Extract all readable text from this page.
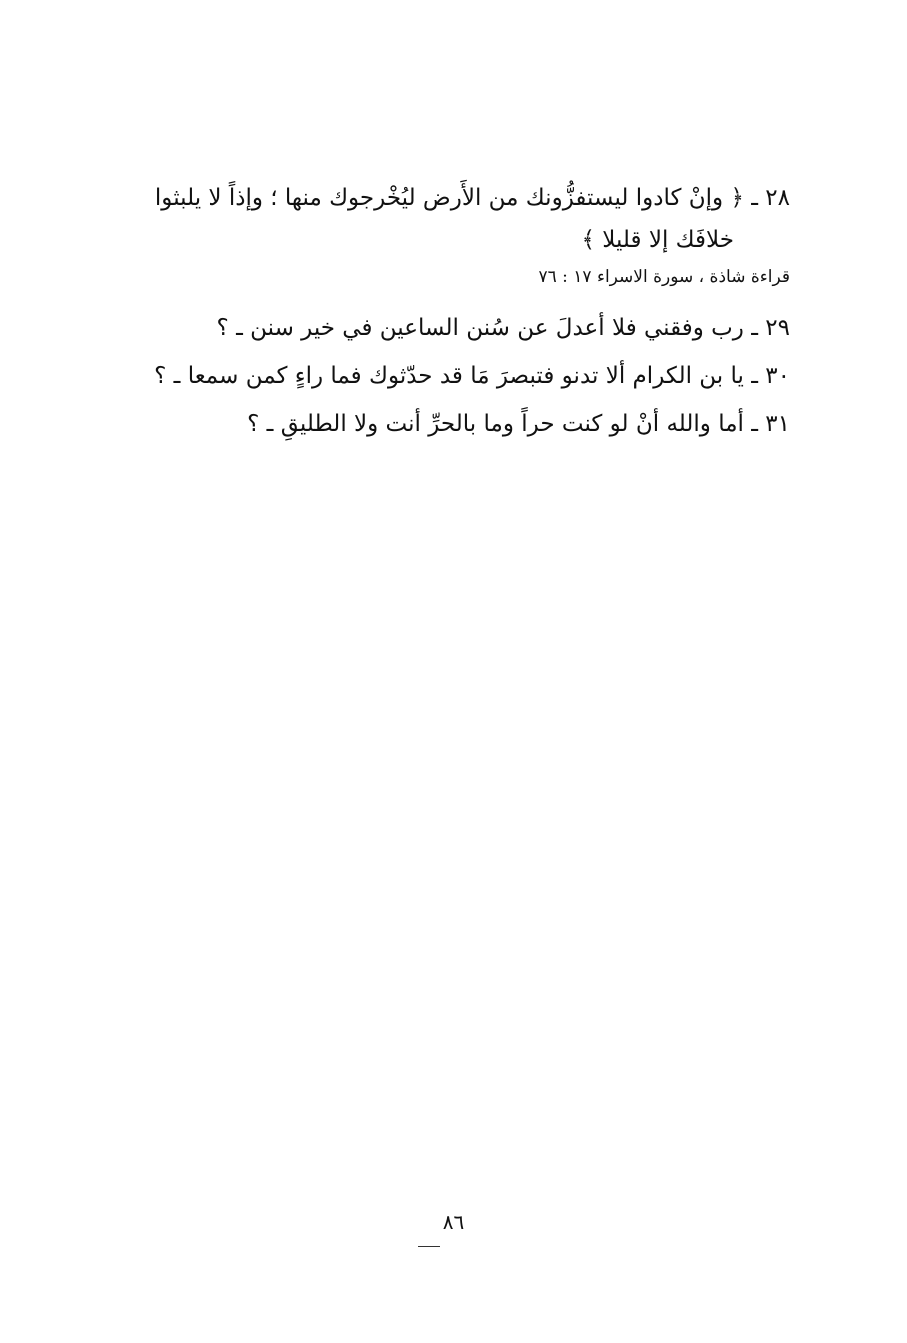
٢٨ ـ ﴿ وإنْ كادوا ليستفزُّونك من الأَرض ليُخْرجوك منها ؛ وإذاً لا يلبثوا
خلافَك إلا قليلا ﴾
قراءة شاذة ، سورة الاسراء ١٧ : ٧٦
٢٩ ـ رب وفقني فلا أعدلَ عن سُنن الساعين في خير سنن ـ ؟
٣٠ ـ يا بن الكرام ألا تدنو فتبصرَ مَا قد حدّثوك فما راءٍ كمن سمعا ـ ؟
٣١ ـ أما والله أنْ لو كنت حراً وما بالحرِّ أنت ولا الطليقِ ـ ؟
٨٦
